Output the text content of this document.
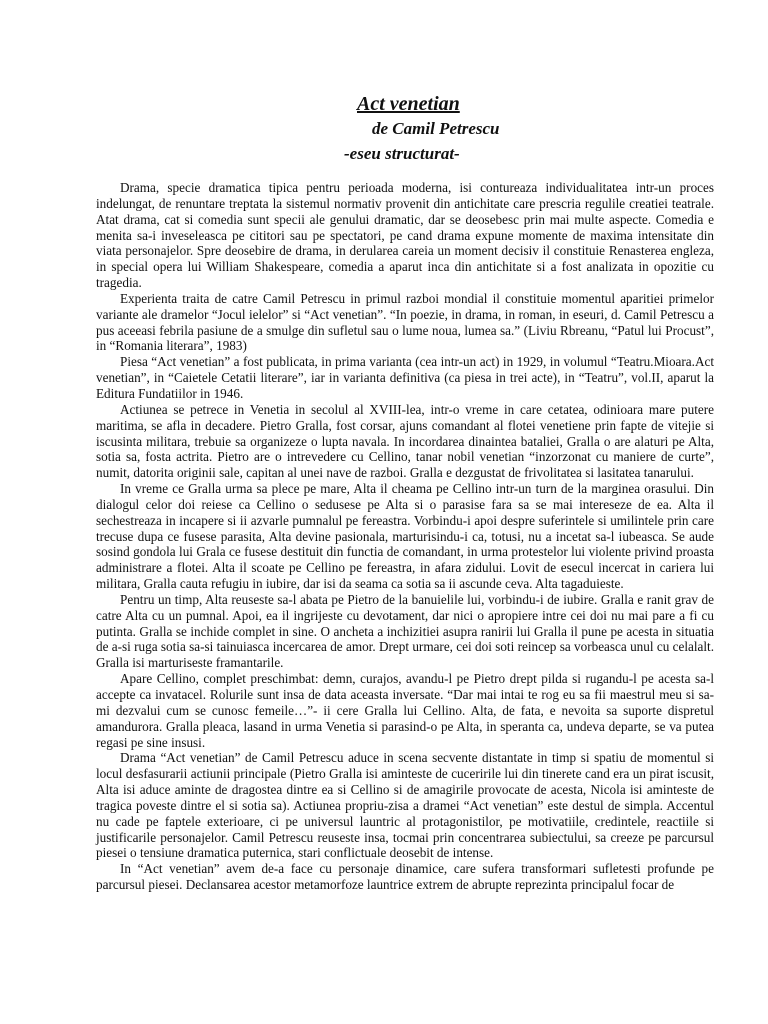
Act venetian
de Camil Petrescu
-eseu structurat-

Drama, specie dramatica tipica pentru perioada moderna, isi contureaza individualitatea intr-un proces indelungat, de renuntare treptata la sistemul normativ provenit din antichitate care prescria regulile creatiei teatrale. Atat drama, cat si comedia sunt specii ale genului dramatic, dar se deosebesc prin mai multe aspecte. Comedia e menita sa-i inveseleasca pe cititori sau pe spectatori, pe cand drama expune momente de maxima intensitate din viata personajelor. Spre deosebire de drama, in derularea careia un moment decisiv il constituie Renasterea engleza, in special opera lui William Shakespeare, comedia a aparut inca din antichitate si a fost analizata in opozitie cu tragedia.

Experienta traita de catre Camil Petrescu in primul razboi mondial il constituie momentul aparitiei primelor variante ale dramelor “Jocul ielelor” si “Act venetian”. “In poezie, in drama, in roman, in eseuri, d. Camil Petrescu a pus aceeasi febrila pasiune de a smulge din sufletul sau o lume noua, lumea sa.” (Liviu Rbreanu, “Patul lui Procust”, in “Romania literara”, 1983)

Piesa “Act venetian” a fost publicata, in prima varianta (cea intr-un act) in 1929, in volumul “Teatru.Mioara.Act venetian”, in “Caietele Cetatii literare”, iar in varianta definitiva (ca piesa in trei acte), in “Teatru”, vol.II, aparut la Editura Fundatiilor in 1946.

Actiunea se petrece in Venetia in secolul al XVIII-lea, intr-o vreme in care cetatea, odinioara mare putere maritima, se afla in decadere. Pietro Gralla, fost corsar, ajuns comandant al flotei venetiene prin fapte de vitejie si iscusinta militara, trebuie sa organizeze o lupta navala. In incordarea dinaintea bataliei, Gralla o are alaturi pe Alta, sotia sa, fosta actrita. Pietro are o intrevedere cu Cellino, tanar nobil venetian “inzorzonat cu maniere de curte”, numit, datorita originii sale, capitan al unei nave de razboi. Gralla e dezgustat de frivolitatea si lasitatea tanarului.

In vreme ce Gralla urma sa plece pe mare, Alta il cheama pe Cellino intr-un turn de la marginea orasului. Din dialogul celor doi reiese ca Cellino o sedusese pe Alta si o parasise fara sa se mai intereseze de ea. Alta il sechestreaza in incapere si ii azvarle pumnalul pe fereastra. Vorbindu-i apoi despre suferintele si umilintele prin care trecuse dupa ce fusese parasita, Alta devine pasionala, marturisindu-i ca, totusi, nu a incetat sa-l iubeasca. Se aude sosind gondola lui Grala ce fusese destituit din functia de comandant, in urma protestelor lui violente privind proasta administrare a flotei. Alta il scoate pe Cellino pe fereastra, in afara zidului. Lovit de esecul incercat in cariera lui militara, Gralla cauta refugiu in iubire, dar isi da seama ca sotia sa ii ascunde ceva. Alta tagaduieste.

Pentru un timp, Alta reuseste sa-l abata pe Pietro de la banuielile lui, vorbindu-i de iubire. Gralla e ranit grav de catre Alta cu un pumnal. Apoi, ea il ingrijeste cu devotament, dar nici o apropiere intre cei doi nu mai pare a fi cu putinta. Gralla se inchide complet in sine. O ancheta a inchizitiei asupra ranirii lui Gralla il pune pe acesta in situatia de a-si ruga sotia sa-si tainuiasca incercarea de amor. Drept urmare, cei doi soti reincep sa vorbeasca unul cu celalalt. Gralla isi marturiseste framantarile.

Apare Cellino, complet preschimbat: demn, curajos, avandu-l pe Pietro drept pilda si rugandu-l pe acesta sa-l accepte ca invatacel. Rolurile sunt insa de data aceasta inversate. “Dar mai intai te rog eu sa fii maestrul meu si sa-mi dezvalui cum se cunosc femeile…”- ii cere Gralla lui Cellino. Alta, de fata, e nevoita sa suporte dispretul amandurora. Gralla pleaca, lasand in urma Venetia si parasind-o pe Alta, in speranta ca, undeva departe, se va putea regasi pe sine insusi.

Drama “Act venetian” de Camil Petrescu aduce in scena secvente distantate in timp si spatiu de momentul si locul desfasurarii actiunii principale (Pietro Gralla isi aminteste de cuceririle lui din tinerete cand era un pirat iscusit, Alta isi aduce aminte de dragostea dintre ea si Cellino si de amagirile provocate de acesta, Nicola isi aminteste de tragica poveste dintre el si sotia sa). Actiunea propriu-zisa a dramei “Act venetian” este destul de simpla. Accentul nu cade pe faptele exterioare, ci pe universul launtric al protagonistilor, pe motivatiile, credintele, reactiile si justificarile personajelor. Camil Petrescu reuseste insa, tocmai prin concentrarea subiectului, sa creeze pe parcursul piesei o tensiune dramatica puternica, stari conflictuale deosebit de intense.

In “Act venetian” avem de-a face cu personaje dinamice, care sufera transformari sufletesti profunde pe parcursul piesei. Declansarea acestor metamorfoze launtrice extrem de abrupte reprezinta principalul focar de
